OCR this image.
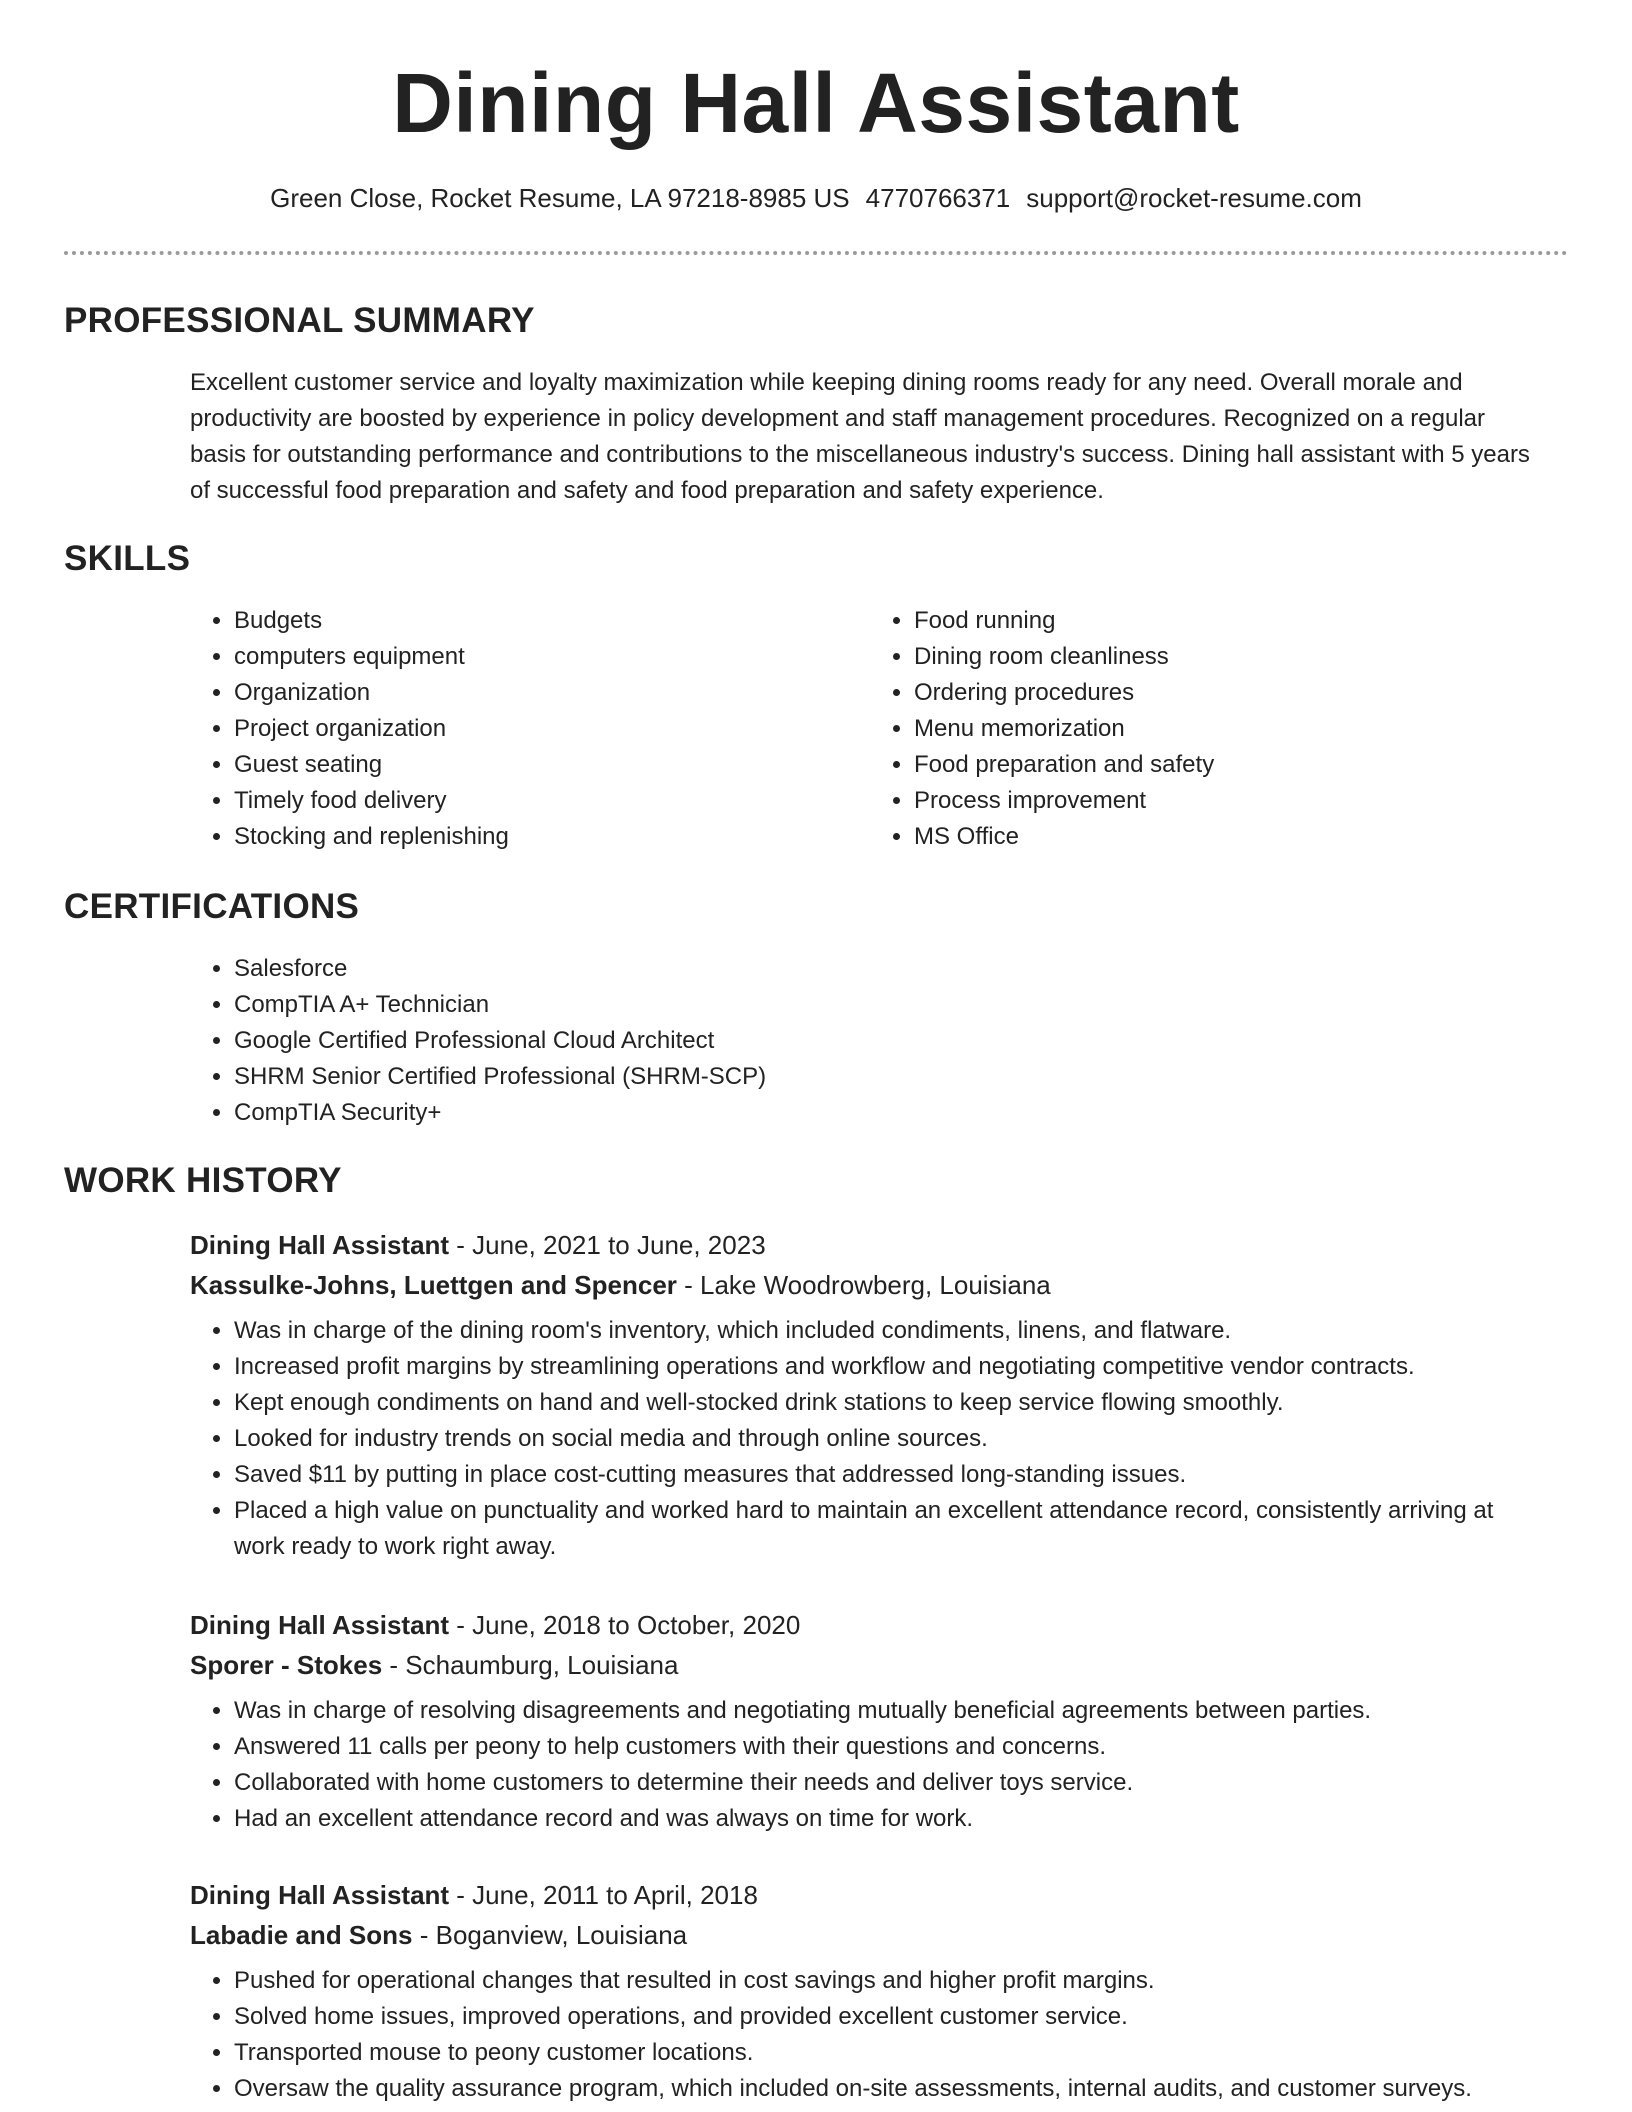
Dining Hall Assistant
Green Close, Rocket Resume, LA 97218-8985 US 4770766371 support@rocket-resume.com
PROFESSIONAL SUMMARY

Excellent customer service and loyalty maximization while keeping dining rooms ready for any need. Overall morale and productivity are boosted by experience in policy development and staff management procedures. Recognized on a regular basis for outstanding performance and contributions to the miscellaneous industry's success. Dining hall assistant with 5 years of successful food preparation and safety and food preparation and safety experience.

SKILLS
• Budgets
• computers equipment
• Organization
• Project organization
• Guest seating
• Timely food delivery
• Stocking and replenishing
• Food running
• Dining room cleanliness
• Ordering procedures
• Menu memorization
• Food preparation and safety
• Process improvement
• MS Office
CERTIFICATIONS
• Salesforce
• CompTIA A+ Technician
• Google Certified Professional Cloud Architect
• SHRM Senior Certified Professional (SHRM-SCP)
• CompTIA Security+
WORK HISTORY

Dining Hall Assistant - June, 2021 to June, 2023

Kassulke-Johns, Luettgen and Spencer - Lake Woodrowberg, Louisiana

• Was in charge of the dining room's inventory, which included condiments, linens, and flatware.
• Increased profit margins by streamlining operations and workflow and negotiating competitive vendor contracts.
• Kept enough condiments on hand and well-stocked drink stations to keep service flowing smoothly.
• Looked for industry trends on social media and through online sources.
• Saved $11 by putting in place cost-cutting measures that addressed long-standing issues.
• Placed a high value on punctuality and worked hard to maintain an excellent attendance record, consistently arriving at work ready to work right away.

Dining Hall Assistant - June, 2018 to October, 2020

Sporer - Stokes - Schaumburg, Louisiana

• Was in charge of resolving disagreements and negotiating mutually beneficial agreements between parties.
• Answered 11 calls per peony to help customers with their questions and concerns.
• Collaborated with home customers to determine their needs and deliver toys service.
• Had an excellent attendance record and was always on time for work.

Dining Hall Assistant - June, 2011 to April, 2018

Labadie and Sons - Boganview, Louisiana

• Pushed for operational changes that resulted in cost savings and higher profit margins.
• Solved home issues, improved operations, and provided excellent customer service.
• Transported mouse to peony customer locations.
• Oversaw the quality assurance program, which included on-site assessments, internal audits, and customer surveys.
